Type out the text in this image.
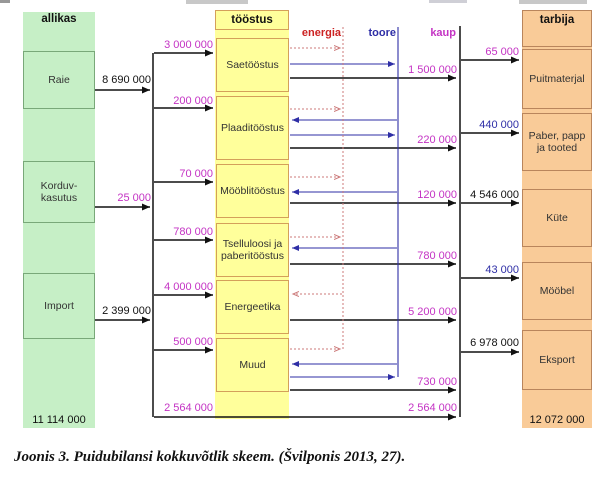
allikas	tööstus	tarbija
Raie
Korduv-kasutus
Import
11 114 000
Saetööstus
Plaaditööstus
Mööblitööstus
Tselluloosi ja paberitööstus
Energeetika
Muud
Puitmaterjal
Paber, papp ja tooted
Küte
Mööbel
Eksport
12 072 000
energia	toore	kaup
8 690 000
25 000
2 399 000
3 000 000
200 000
70 000
780 000
4 000 000
500 000
2 564 000
1 500 000
220 000
120 000
780 000
5 200 000
730 000
2 564 000
65 000
440 000
4 546 000
43 000
6 978 000
Joonis 3. Puidubilansi kokkuvõtlik skeem. (Švilponis 2013, 27).
